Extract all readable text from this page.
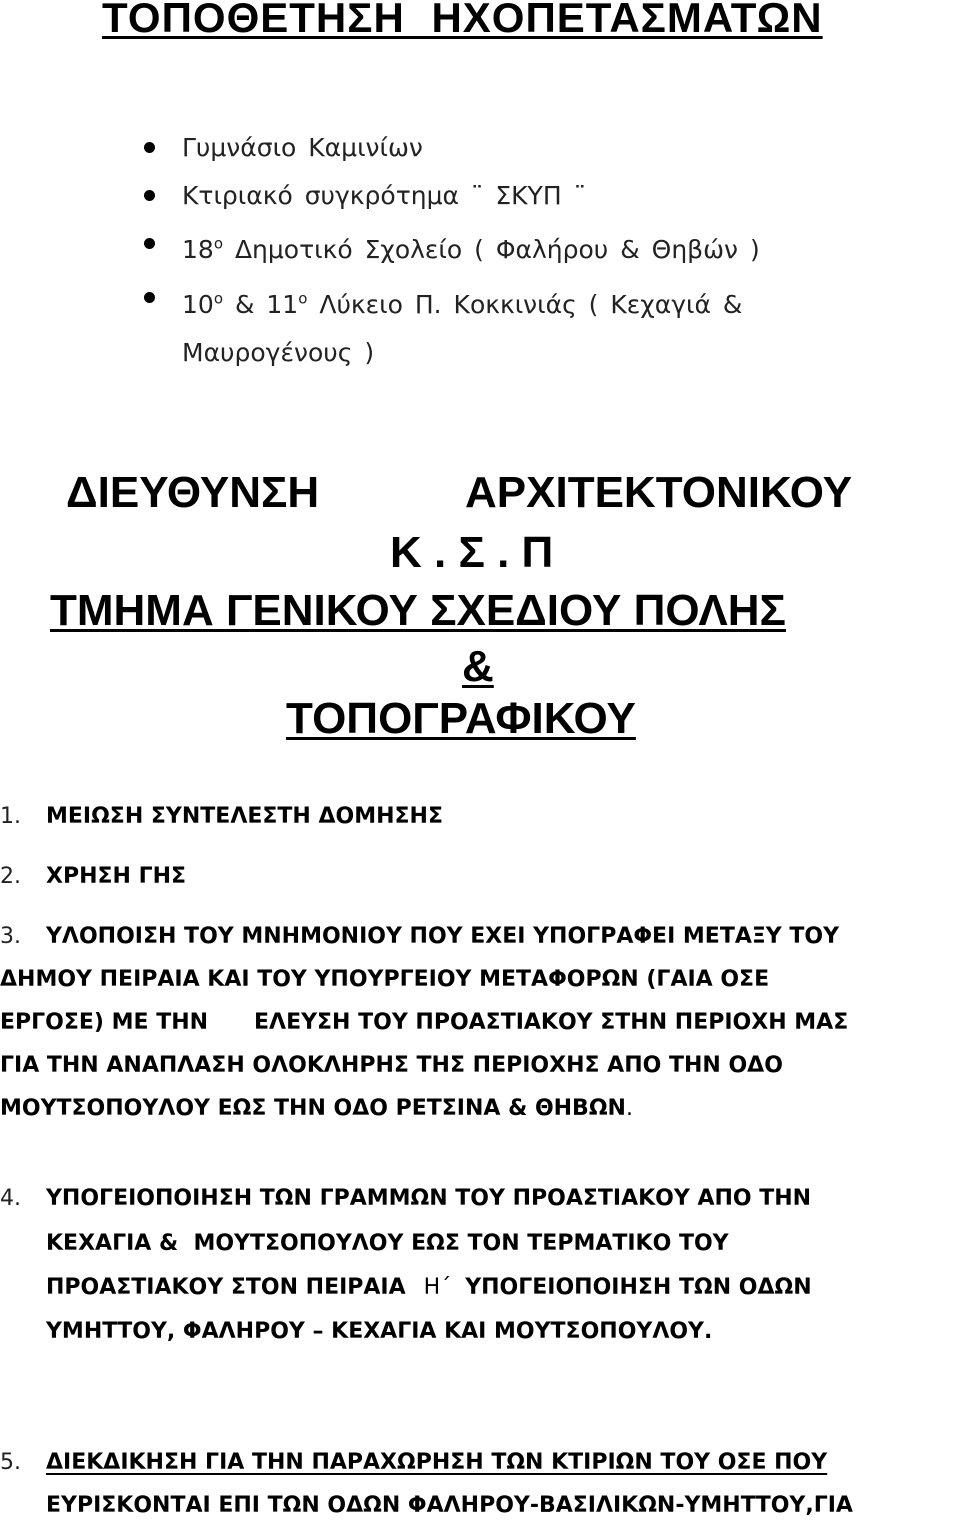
ΤΟΠΟΘΕΤΗΣΗ ΗΧΟΠΕΤΑΣΜΑΤΩΝ
Γυμνάσιο Καμινίων
Κτιριακό συγκρότημα ¨ ΣΚΥΠ ¨
$18^o$ Δημοτικό Σχολείο ( Φαλήρου & Θηβών )
$10^o$ & $11^o$ Λύκειο Π. Κοκκινιάς ( Κεχαγιά &
Μαυρογένους )
ΔΙΕΥΘΥΝΣΗ	ΑΡΧΙΤΕΚΤΟΝΙΚΟΥ
Κ . Σ . Π
ΤΜΗΜΑ ΓΕΝΙΚΟΥ ΣΧΕΔΙΟΥ ΠΟΛΗΣ
&
ΤΟΠΟΓΡΑΦΙΚΟΥ
1. ΜΕΙΩΣΗ ΣΥΝΤΕΛΕΣΤΗ ΔΟΜΗΣΗΣ
2. ΧΡΗΣΗ ΓΗΣ
3. ΥΛΟΠΟΙΣΗ ΤΟΥ ΜΝΗΜΟΝΙΟΥ ΠΟΥ ΕΧΕΙ ΥΠΟΓΡΑΦΕΙ ΜΕΤΑΞΥ ΤΟΥ
ΔΗΜΟΥ ΠΕΙΡΑΙΑ ΚΑΙ ΤΟΥ ΥΠΟΥΡΓΕΙΟΥ ΜΕΤΑΦΟΡΩΝ (ΓΑΙΑ ΟΣΕ
ΕΡΓΟΣΕ) ΜΕ ΤΗΝ      ΕΛΕΥΣΗ ΤΟΥ ΠΡΟΑΣΤΙΑΚΟΥ ΣΤΗΝ ΠΕΡΙΟΧΗ ΜΑΣ
ΓΙΑ ΤΗΝ ΑΝΑΠΛΑΣΗ ΟΛΟΚΛΗΡΗΣ ΤΗΣ ΠΕΡΙΟΧΗΣ ΑΠΟ ΤΗΝ ΟΔΟ
ΜΟΥΤΣΟΠΟΥΛΟΥ ΕΩΣ ΤΗΝ ΟΔΟ ΡΕΤΣΙΝΑ & ΘΗΒΩΝ.
4. ΥΠΟΓΕΙΟΠΟΙΗΣΗ ΤΩΝ ΓΡΑΜΜΩΝ ΤΟΥ ΠΡΟΑΣΤΙΑΚΟΥ ΑΠΟ ΤΗΝ
ΚΕΧΑΓΙΑ &  ΜΟΥΤΣΟΠΟΥΛΟΥ ΕΩΣ ΤΟΝ ΤΕΡΜΑΤΙΚΟ ΤΟΥ
ΠΡΟΑΣΤΙΑΚΟΥ ΣΤΟΝ ΠΕΙΡΑΙΑ Η΄ ΥΠΟΓΕΙΟΠΟΙΗΣΗ ΤΩΝ ΟΔΩΝ
ΥΜΗΤΤΟΥ, ΦΑΛΗΡΟΥ – ΚΕΧΑΓΙΑ ΚΑΙ ΜΟΥΤΣΟΠΟΥΛΟΥ.
5. ΔΙΕΚΔΙΚΗΣΗ ΓΙΑ ΤΗΝ ΠΑΡΑΧΩΡΗΣΗ ΤΩΝ ΚΤΙΡΙΩΝ ΤΟΥ ΟΣΕ ΠΟΥ
ΕΥΡΙΣΚΟΝΤΑΙ ΕΠΙ ΤΩΝ ΟΔΩΝ ΦΑΛΗΡΟΥ-ΒΑΣΙΛΙΚΩΝ-ΥΜΗΤΤΟΥ,ΓΙΑ
